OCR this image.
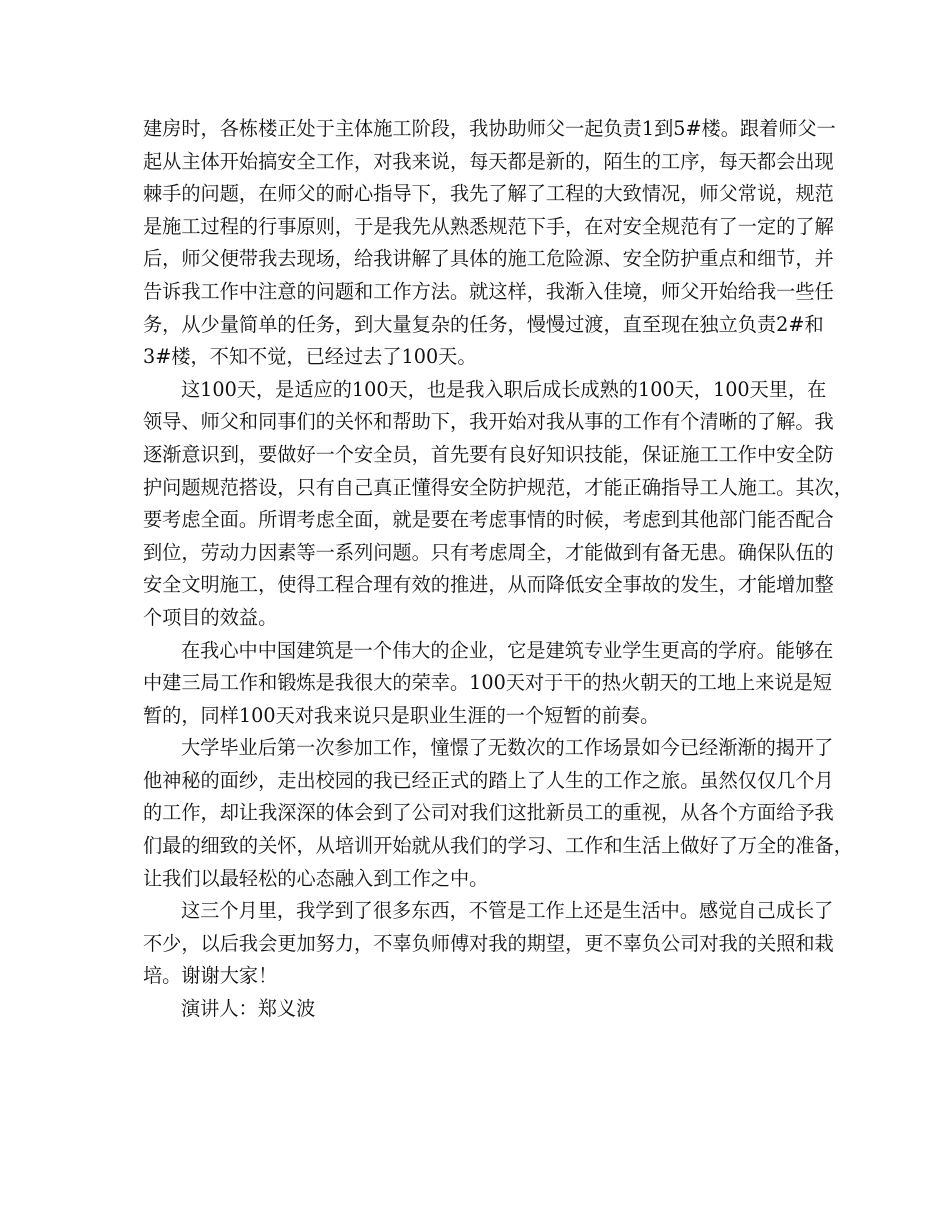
建房时，各栋楼正处于主体施工阶段，我协助师父一起负责1到5#楼。跟着师父一
起从主体开始搞安全工作，对我来说，每天都是新的，陌生的工序，每天都会出现
棘手的问题，在师父的耐心指导下，我先了解了工程的大致情况，师父常说，规范
是施工过程的行事原则，于是我先从熟悉规范下手，在对安全规范有了一定的了解
后，师父便带我去现场，给我讲解了具体的施工危险源、安全防护重点和细节，并
告诉我工作中注意的问题和工作方法。就这样，我渐入佳境，师父开始给我一些任
务，从少量简单的任务，到大量复杂的任务，慢慢过渡，直至现在独立负责2#和
3#楼，不知不觉，已经过去了100天。
这100天，是适应的100天，也是我入职后成长成熟的100天，100天里，在
领导、师父和同事们的关怀和帮助下，我开始对我从事的工作有个清晰的了解。我
逐渐意识到，要做好一个安全员，首先要有良好知识技能，保证施工工作中安全防
护问题规范搭设，只有自己真正懂得安全防护规范，才能正确指导工人施工。其次，
要考虑全面。所谓考虑全面，就是要在考虑事情的时候，考虑到其他部门能否配合
到位，劳动力因素等一系列问题。只有考虑周全，才能做到有备无患。确保队伍的
安全文明施工，使得工程合理有效的推进，从而降低安全事故的发生，才能增加整
个项目的效益。
在我心中中国建筑是一个伟大的企业，它是建筑专业学生更高的学府。能够在
中建三局工作和锻炼是我很大的荣幸。100天对于干的热火朝天的工地上来说是短
暂的，同样100天对我来说只是职业生涯的一个短暂的前奏。
大学毕业后第一次参加工作，憧憬了无数次的工作场景如今已经渐渐的揭开了
他神秘的面纱，走出校园的我已经正式的踏上了人生的工作之旅。虽然仅仅几个月
的工作，却让我深深的体会到了公司对我们这批新员工的重视，从各个方面给予我
们最的细致的关怀，从培训开始就从我们的学习、工作和生活上做好了万全的准备，
让我们以最轻松的心态融入到工作之中。
这三个月里，我学到了很多东西，不管是工作上还是生活中。感觉自己成长了
不少，以后我会更加努力，不辜负师傅对我的期望，更不辜负公司对我的关照和栽
培。谢谢大家！
演讲人：郑义波
